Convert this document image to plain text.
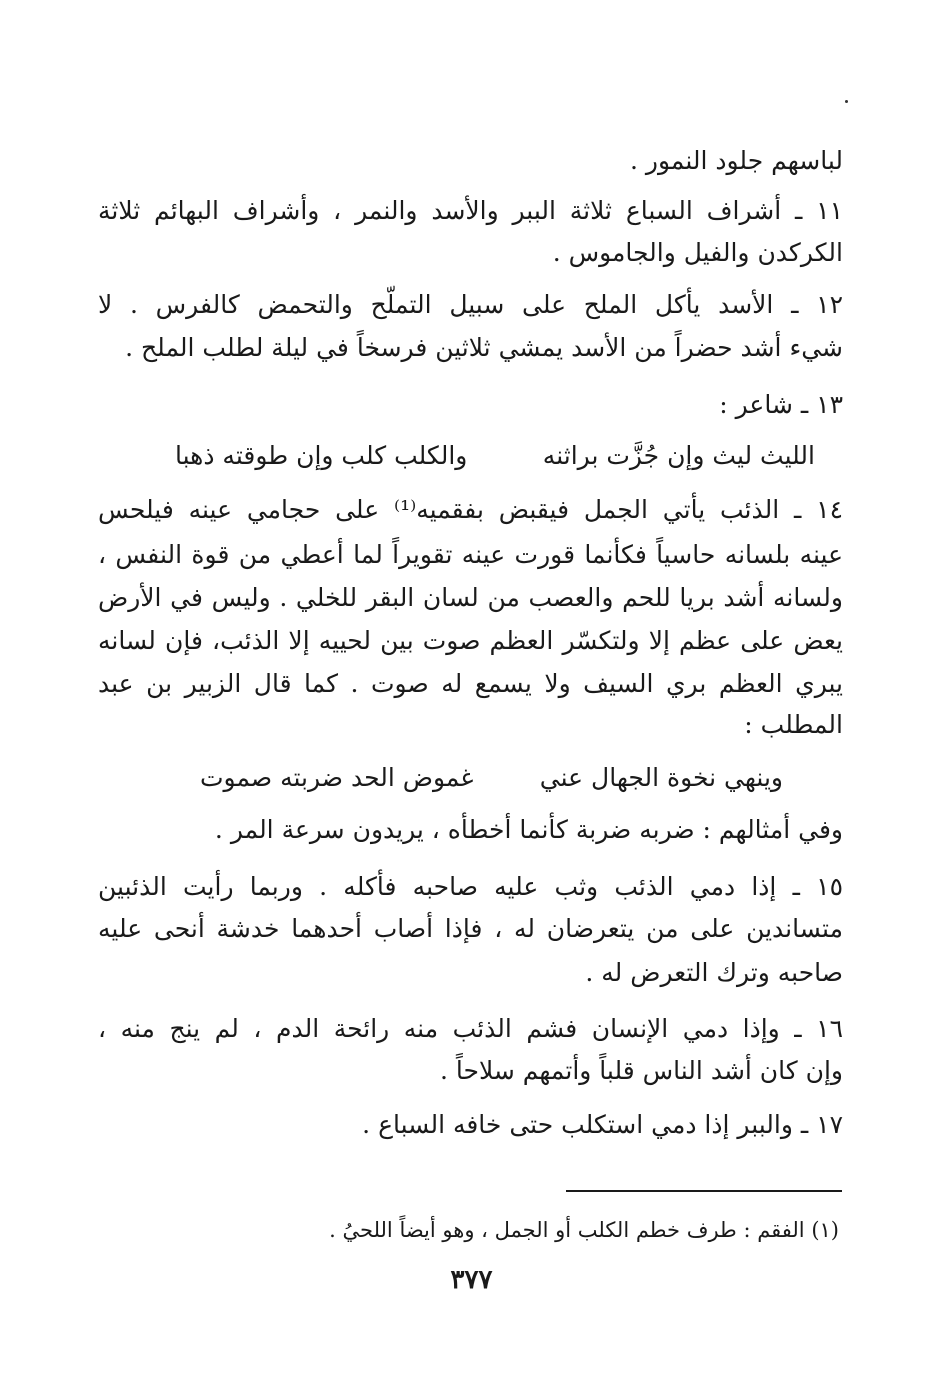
لباسهم جلود النمور .
١١ ـ أشراف السباع ثلاثة الببر والأسد والنمر ، وأشراف البهائم ثلاثة
الكركدن والفيل والجاموس .
١٢ ـ الأسد يأكل الملح على سبيل التملّح والتحمض كالفرس . لا
شيء أشد حضراً من الأسد يمشي ثلاثين فرسخاً في ليلة لطلب الملح .
١٣ ـ شاعر :
الليث ليث وإن جُزَّت براثنه
والكلب كلب وإن طوقته ذهبا
١٤ ـ الذئب يأتي الجمل فيقبض بفقميه⁽¹⁾ على حجامي عينه فيلحس
عينه بلسانه حاسياً فكأنما قورت عينه تقويراً لما أعطي من قوة النفس ،
ولسانه أشد بريا للحم والعصب من لسان البقر للخلي . وليس في الأرض
يعض على عظم إلا ولتكسّر العظم صوت بين لحييه إلا الذئب، فإن لسانه
يبري العظم بري السيف ولا يسمع له صوت . كما قال الزبير بن عبد
المطلب :
وينهي نخوة الجهال عني
غموض الحد ضربته صموت
وفي أمثالهم : ضربه ضربة كأنما أخطأه ، يريدون سرعة المر .
١٥ ـ إذا دمي الذئب وثب عليه صاحبه فأكله . وربما رأيت الذئبين
متساندين على من يتعرضان له ، فإذا أصاب أحدهما خدشة أنحى عليه
صاحبه وترك التعرض له .
١٦ ـ وإذا دمي الإنسان فشم الذئب منه رائحة الدم ، لم ينج منه ،
وإن كان أشد الناس قلباً وأتمهم سلاحاً .
١٧ ـ والببر إذا دمي استكلب حتى خافه السباع .
(١) الفقم : طرف خطم الكلب أو الجمل ، وهو أيضاً اللحيُ .
٣٧٧
